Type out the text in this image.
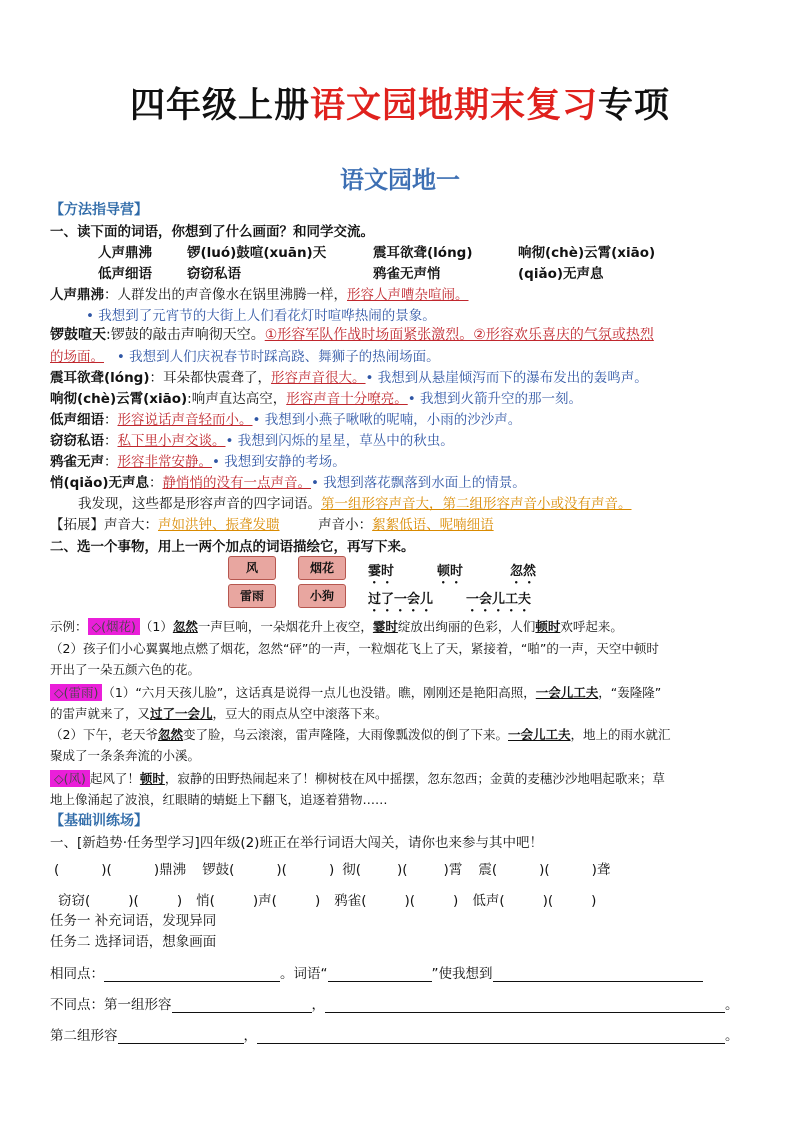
四年级上册语文园地期末复习专项
语文园地一
【方法指导营】
一、读下面的词语，你想到了什么画面？和同学交流。
人声鼎沸	锣(luó)鼓喧(xuān)天	震耳欲聋(lóng)	响彻(chè)云霄(xiāo)
低声细语	窃窃私语	鸦雀无声悄	(qiǎo)无声息
人声鼎沸：人群发出的声音像水在锅里沸腾一样，形容人声嘈杂喧闹。
• 我想到了元宵节的大街上人们看花灯时喧哗热闹的景象。
锣鼓喧天:锣鼓的敲击声响彻天空。①形容军队作战时场面紧张激烈。②形容欢乐喜庆的气氛或热烈
的场面。 • 我想到人们庆祝春节时踩高跷、舞狮子的热闹场面。
震耳欲聋(lóng)：耳朵都快震聋了，形容声音很大。• 我想到从悬崖倾泻而下的瀑布发出的轰鸣声。
响彻(chè)云霄(xiāo):响声直达高空，形容声音十分嘹亮。• 我想到火箭升空的那一刻。
低声细语：形容说话声音轻而小。• 我想到小燕子啾啾的呢喃，小雨的沙沙声。
窃窃私语：私下里小声交谈。• 我想到闪烁的星星，草丛中的秋虫。
鸦雀无声：形容非常安静。• 我想到安静的考场。
悄(qiǎo)无声息：静悄悄的没有一点声音。• 我想到落花飘落到水面上的情景。
我发现，这些都是形容声音的四字词语。第一组形容声音大，第二组形容声音小或没有声音。
【拓展】声音大：声如洪钟、振聋发聩	声音小：絮絮低语、呢喃细语
二、选一个事物，用上一两个加点的词语描绘它，再写下来。
风	烟花	霎时	顿时	忽然
雷雨	小狗	过了一会儿	一会儿工夫
示例： ◇(烟花) （1）忽然一声巨响，一朵烟花升上夜空，霎时绽放出绚丽的色彩，人们顿时欢呼起来。
（2）孩子们小心翼翼地点燃了烟花，忽然“砰”的一声，一粒烟花飞上了天，紧接着，“啪”的一声，天空中顿时
开出了一朵五颜六色的花。
◇(雷雨) （1）“六月天孩儿脸”，这话真是说得一点儿也没错。瞧，刚刚还是艳阳高照，一会儿工夫，“轰隆隆”
的雷声就来了，又过了一会儿，豆大的雨点从空中滚落下来。
（2）下午，老天爷忽然变了脸，乌云滚滚，雷声隆隆，大雨像瓢泼似的倒了下来。一会儿工夫，地上的雨水就汇
聚成了一条条奔流的小溪。
◇(风) 起风了！顿时，寂静的田野热闹起来了！柳树枝在风中摇摆，忽东忽西；金黄的麦穗沙沙地唱起歌来；草
地上像涌起了波浪，红眼睛的蜻蜓上下翻飞，追逐着猎物……
【基础训练场】
一、[新趋势·任务型学习]四年级(2)班正在举行词语大闯关，请你也来参与其中吧！
(	)(	)鼎沸 锣鼓(	)(	) 彻(	)(	)霄 震(	)(	)聋
窃窃(	)(	) 悄(	)声(	) 鸦雀(	)(	) 低声(	)(	)
任务一 补充词语，发现异同
任务二 选择词语，想象画面
相同点：	。词语“	”使我想到
不同点：第一组形容	，	。
第二组形容	，	。
